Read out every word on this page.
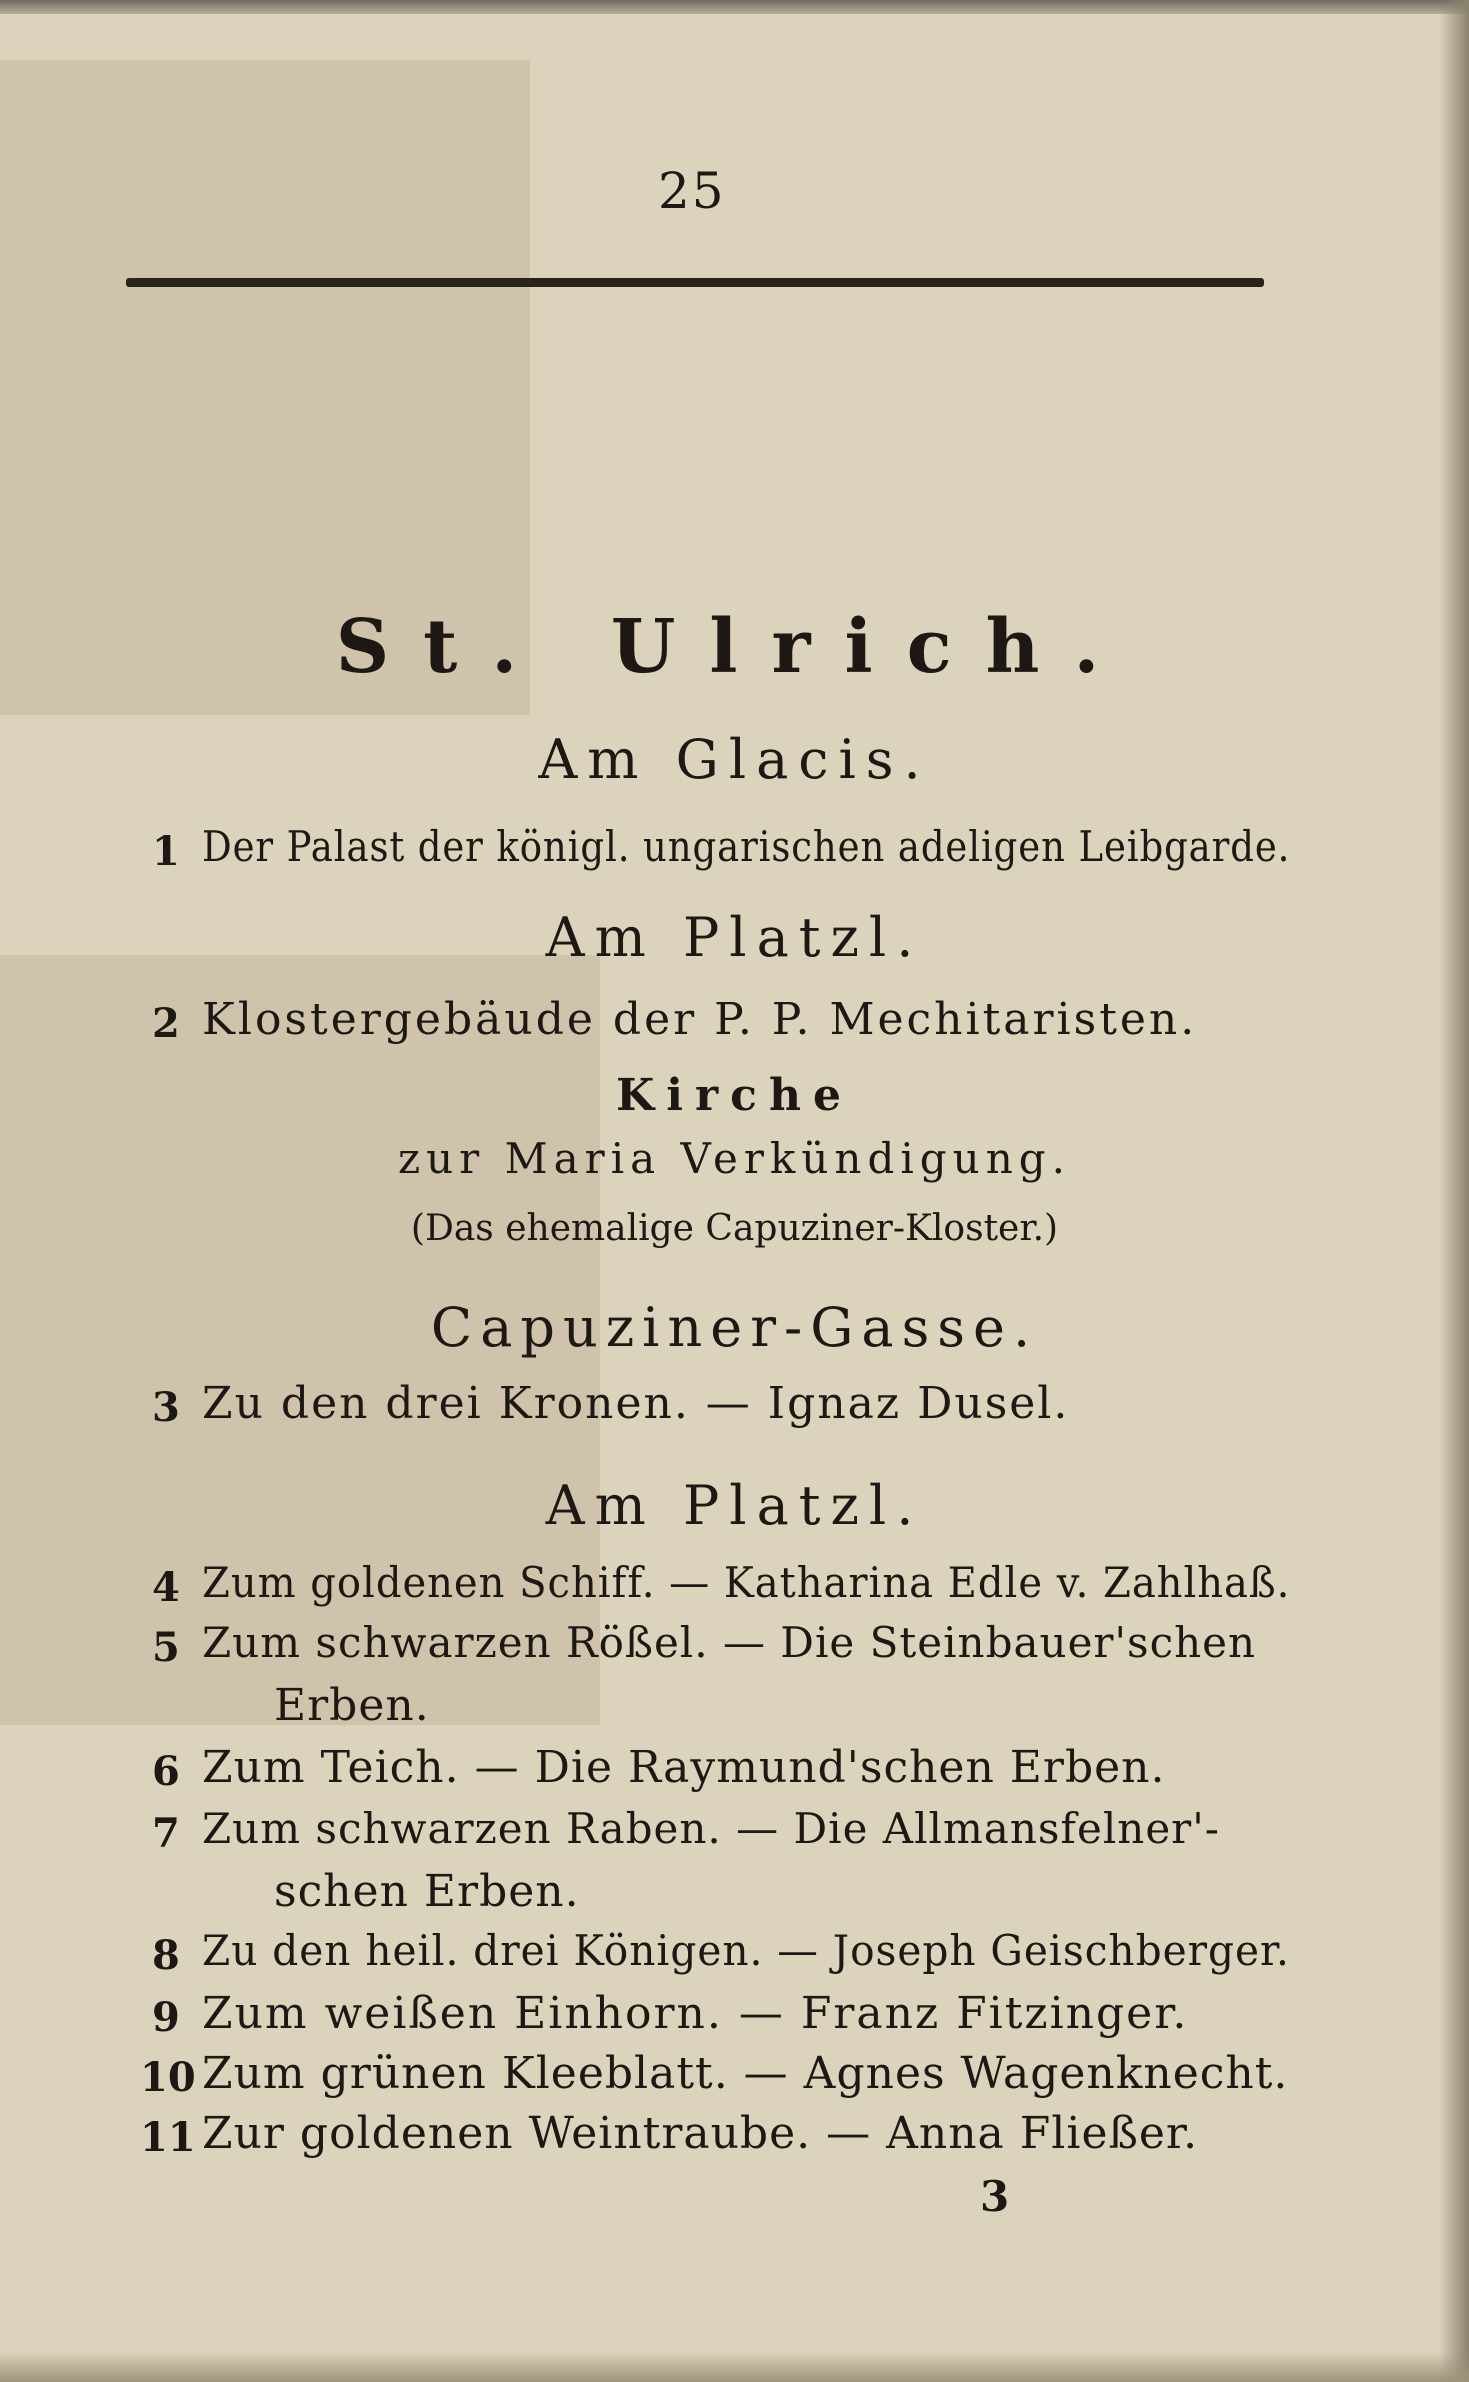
25
St. Ulrich.
Am Glacis.
1 Der Palast der königl. ungarischen adeligen Leibgarde.
Am Platzl.
2 Klostergebäude der P. P. Mechitaristen.
Kirche
zur Maria Verkündigung.
(Das ehemalige Capuziner-Kloster.)
Capuziner-Gasse.
3 Zu den drei Kronen. — Ignaz Dusel.
Am Platzl.
4 Zum goldenen Schiff. — Katharina Edle v. Zahlhaß.
5 Zum schwarzen Rößel. — Die Steinbauer'schen
Erben.
6 Zum Teich. — Die Raymund'schen Erben.
7 Zum schwarzen Raben. — Die Allmansfelner'-
schen Erben.
8 Zu den heil. drei Königen. — Joseph Geischberger.
9 Zum weißen Einhorn. — Franz Fitzinger.
10 Zum grünen Kleeblatt. — Agnes Wagenknecht.
11 Zur goldenen Weintraube. — Anna Fließer.
3
